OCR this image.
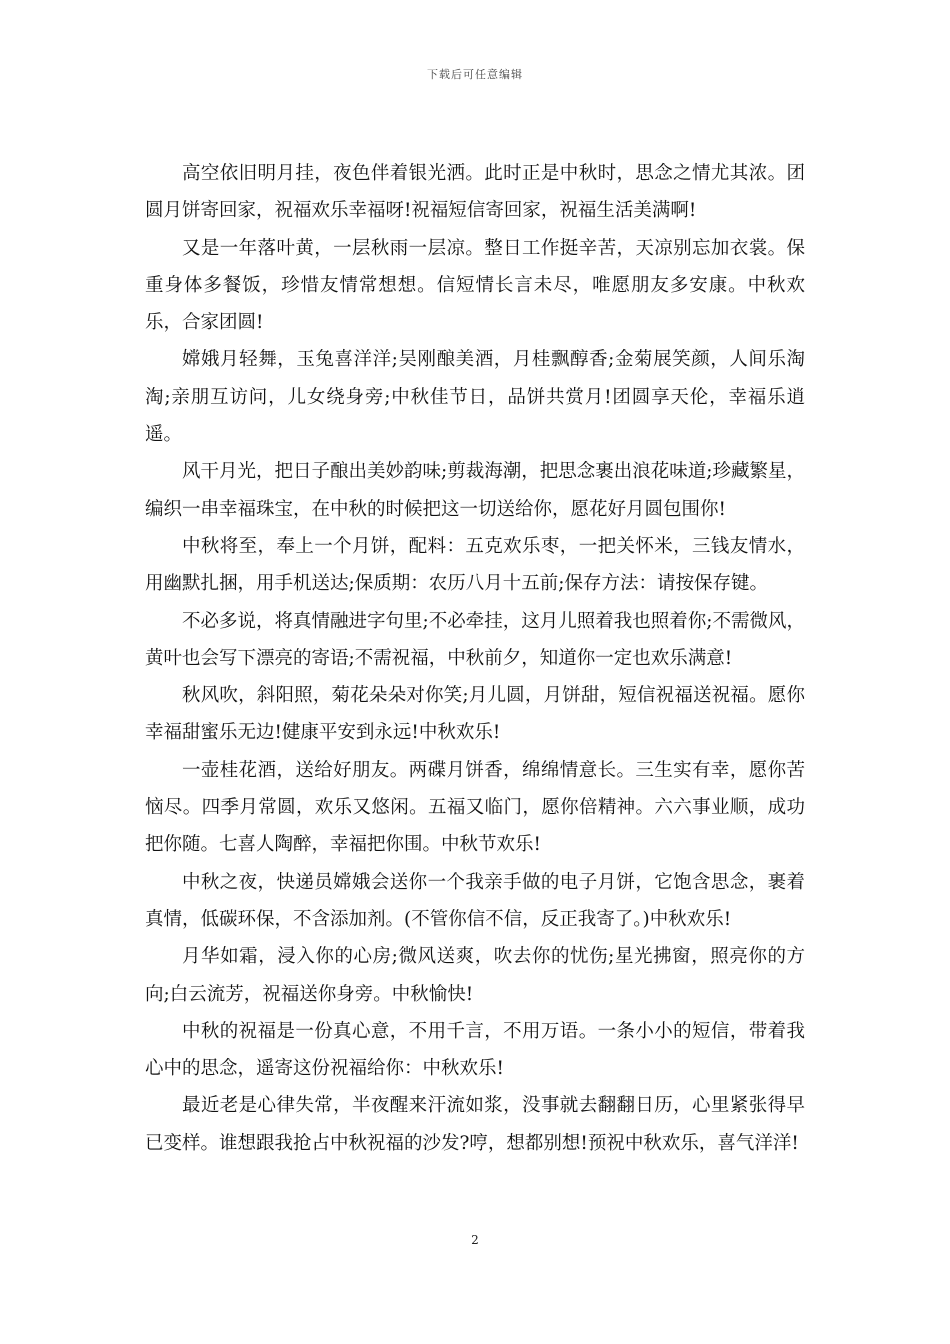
下载后可任意编辑

高空依旧明月挂，夜色伴着银光洒。此时正是中秋时，思念之情尤其浓。团圆月饼寄回家，祝福欢乐幸福呀!祝福短信寄回家，祝福生活美满啊!

又是一年落叶黄，一层秋雨一层凉。整日工作挺辛苦，天凉别忘加衣裳。保重身体多餐饭，珍惜友情常想想。信短情长言未尽，唯愿朋友多安康。中秋欢乐，合家团圆!

嫦娥月轻舞，玉兔喜洋洋;吴刚酿美酒，月桂飘醇香;金菊展笑颜，人间乐淘淘;亲朋互访问，儿女绕身旁;中秋佳节日，品饼共赏月!团圆享天伦，幸福乐逍遥。

风干月光，把日子酿出美妙韵味;剪裁海潮，把思念裹出浪花味道;珍藏繁星，编织一串幸福珠宝，在中秋的时候把这一切送给你，愿花好月圆包围你!

中秋将至，奉上一个月饼，配料：五克欢乐枣，一把关怀米，三钱友情水，用幽默扎捆，用手机送达;保质期：农历八月十五前;保存方法：请按保存键。

不必多说，将真情融进字句里;不必牵挂，这月儿照着我也照着你;不需微风，黄叶也会写下漂亮的寄语;不需祝福，中秋前夕，知道你一定也欢乐满意!

秋风吹，斜阳照，菊花朵朵对你笑;月儿圆，月饼甜，短信祝福送祝福。愿你幸福甜蜜乐无边!健康平安到永远!中秋欢乐!

一壶桂花酒，送给好朋友。两碟月饼香，绵绵情意长。三生实有幸，愿你苦恼尽。四季月常圆，欢乐又悠闲。五福又临门，愿你倍精神。六六事业顺，成功把你随。七喜人陶醉，幸福把你围。中秋节欢乐!

中秋之夜，快递员嫦娥会送你一个我亲手做的电子月饼，它饱含思念，裹着真情，低碳环保，不含添加剂。(不管你信不信，反正我寄了。)中秋欢乐!

月华如霜，浸入你的心房;微风送爽，吹去你的忧伤;星光拂窗，照亮你的方向;白云流芳，祝福送你身旁。中秋愉快!

中秋的祝福是一份真心意，不用千言，不用万语。一条小小的短信，带着我心中的思念，遥寄这份祝福给你：中秋欢乐!

最近老是心律失常，半夜醒来汗流如浆，没事就去翻翻日历，心里紧张得早已变样。谁想跟我抢占中秋祝福的沙发?哼，想都别想!预祝中秋欢乐，喜气洋洋!

2
